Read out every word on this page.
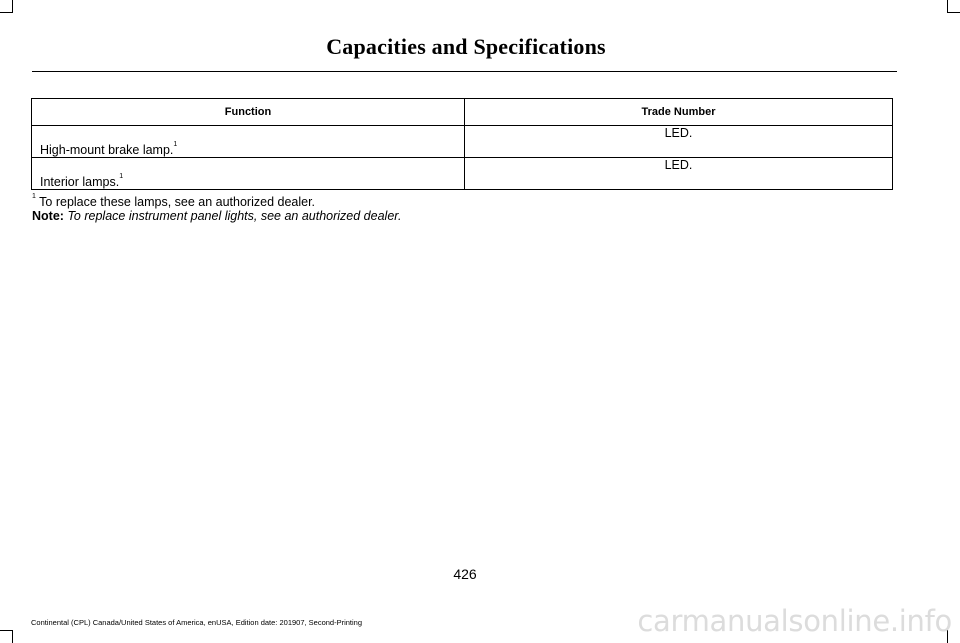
Capacities and Specifications
Function	Trade Number
High-mount brake lamp.$^1$	LED.
Interior lamps.$^1$	LED.
$^1$ To replace these lamps, see an authorized dealer.
Note: To replace instrument panel lights, see an authorized dealer.
426
Continental (CPL) Canada/United States of America, enUSA, Edition date: 201907, Second-Printing	carmanualsonline.info
